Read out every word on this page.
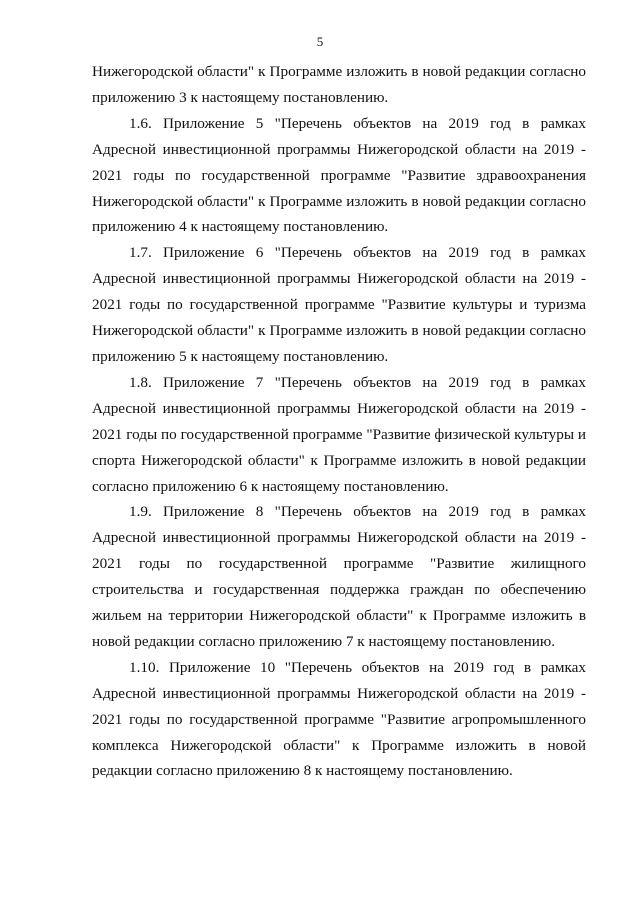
5

Нижегородской области" к Программе изложить в новой редакции согласно приложению 3 к настоящему постановлению.

1.6. Приложение 5 "Перечень объектов на 2019 год в рамках Адресной инвестиционной программы Нижегородской области на 2019 - 2021 годы по государственной программе "Развитие здравоохранения Нижегородской области" к Программе изложить в новой редакции согласно приложению 4 к настоящему постановлению.

1.7. Приложение 6 "Перечень объектов на 2019 год в рамках Адресной инвестиционной программы Нижегородской области на 2019 - 2021 годы по государственной программе "Развитие культуры и туризма Нижегородской области" к Программе изложить в новой редакции согласно приложению 5 к настоящему постановлению.

1.8. Приложение 7 "Перечень объектов на 2019 год в рамках Адресной инвестиционной программы Нижегородской области на 2019 - 2021 годы по государственной программе "Развитие физической культуры и спорта Нижегородской области" к Программе изложить в новой редакции согласно приложению 6 к настоящему постановлению.

1.9. Приложение 8 "Перечень объектов на 2019 год в рамках Адресной инвестиционной программы Нижегородской области на 2019 - 2021 годы по государственной программе "Развитие жилищного строительства и государственная поддержка граждан по обеспечению жильем на территории Нижегородской области" к Программе изложить в новой редакции согласно приложению 7 к настоящему постановлению.

1.10. Приложение 10 "Перечень объектов на 2019 год в рамках Адресной инвестиционной программы Нижегородской области на 2019 - 2021 годы по государственной программе "Развитие агропромышленного комплекса Нижегородской области" к Программе изложить в новой редакции согласно приложению 8 к настоящему постановлению.
